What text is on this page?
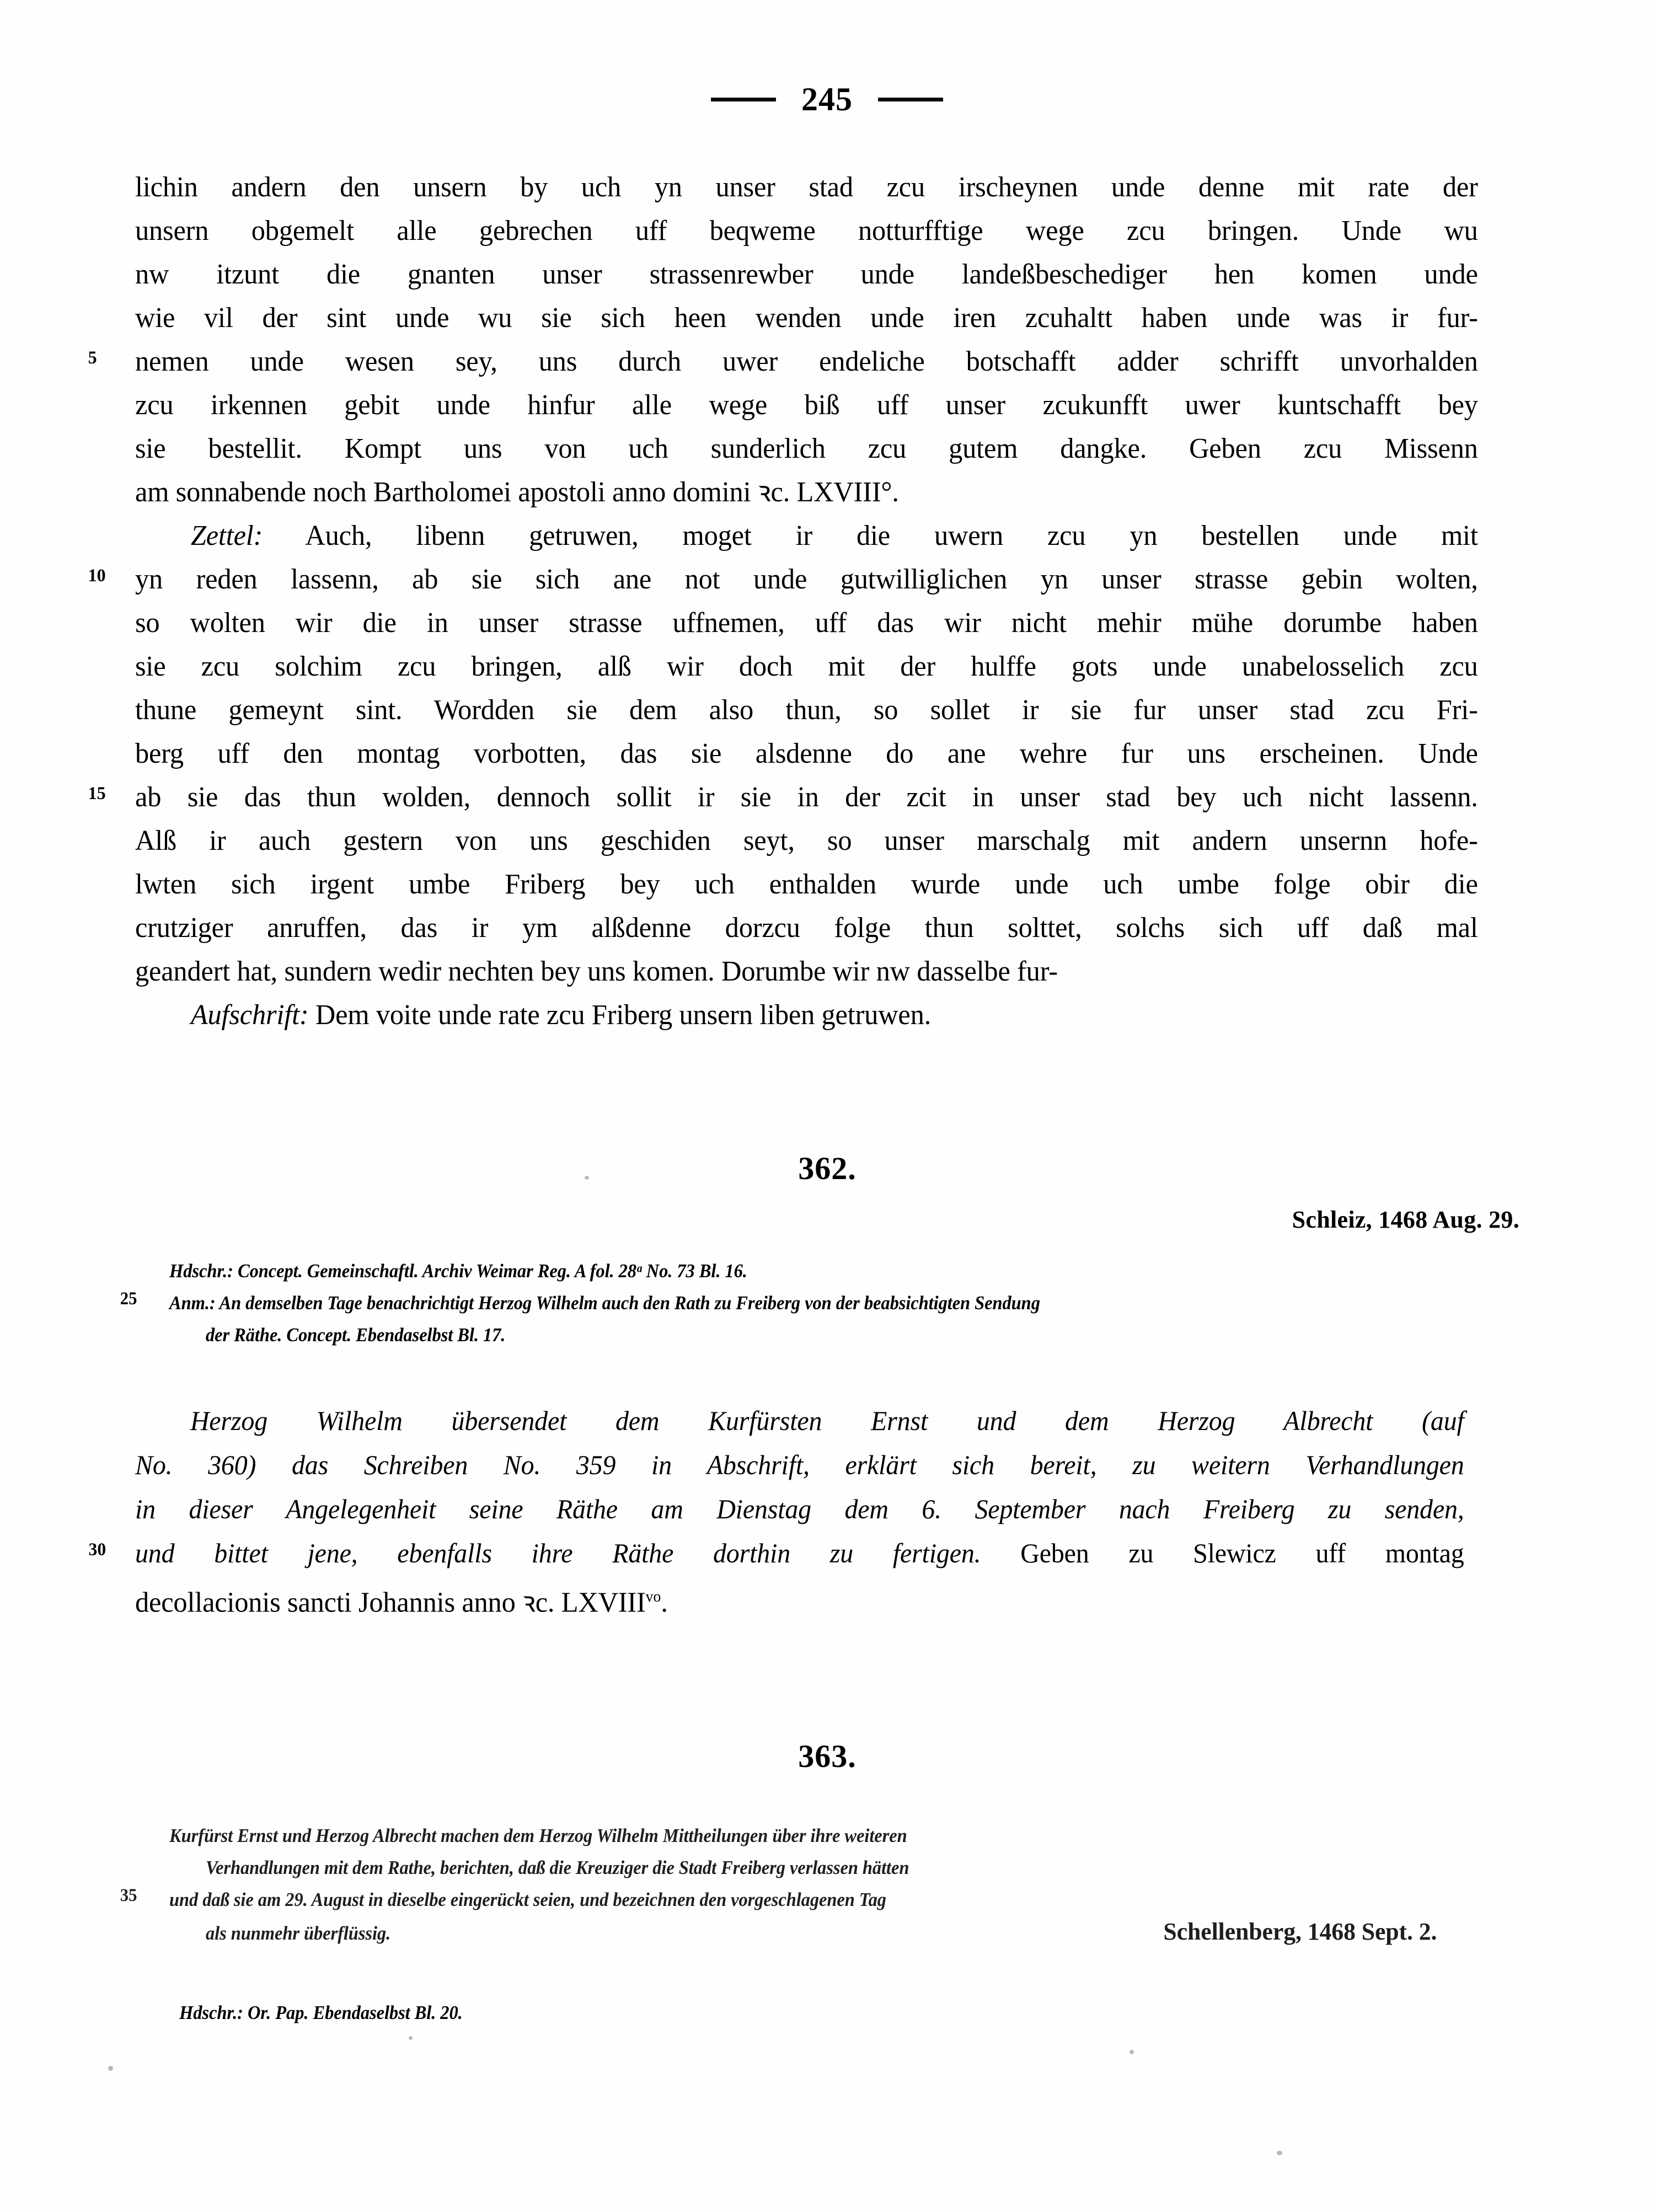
245
lichin andern den unsern by uch yn unser stad zcu irscheynen unde denne mit rate der
unsern obgemelt alle gebrechen uff beqweme notturfftige wege zcu bringen. Unde wu
nw itzunt die gnanten unser strassenrewber unde landeßbeschediger hen komen unde
wie vil der sint unde wu sie sich heen wenden unde iren zcuhaltt haben unde was ir fur-
5 nemen unde wesen sey, uns durch uwer endeliche botschafft adder schrifft unvorhalden
zcu irkennen gebit unde hinfur alle wege biß uff unser zcukunfft uwer kuntschafft bey
sie bestellit. Kompt uns von uch sunderlich zcu gutem dangke. Geben zcu Missenn
am sonnabende noch Bartholomei apostoli anno domini ꝛc. LXVIII°.
Zettel: Auch, libenn getruwen, moget ir die uwern zcu yn bestellen unde mit
10 yn reden lassenn, ab sie sich ane not unde gutwilliglichen yn unser strasse gebin wolten,
so wolten wir die in unser strasse uffnemen, uff das wir nicht mehir mühe dorumbe haben
sie zcu solchim zcu bringen, alß wir doch mit der hulffe gots unde unabelosselich zcu
thune gemeynt sint. Wordden sie dem also thun, so sollet ir sie fur unser stad zcu Fri-
berg uff den montag vorbotten, das sie alsdenne do ane wehre fur uns erscheinen. Unde
15 ab sie das thun wolden, dennoch sollit ir sie in der zcit in unser stad bey uch nicht lassenn.
Alß ir auch gestern von uns geschiden seyt, so unser marschalg mit andern unsernn hofe-
lwten sich irgent umbe Friberg bey uch enthalden wurde unde uch umbe folge obir die
crutziger anruffen, das ir ym alßdenne dorzcu folge thun solttet, solchs sich uff daß mal
geandert hat, sundern wedir nechten bey uns komen. Dorumbe wir nw dasselbe fur-
Aufschrift: Dem voite unde rate zcu Friberg unsern liben getruwen.
362.
Schleiz, 1468 Aug. 29.
Hdschr.: Concept. Gemeinschaftl. Archiv Weimar Reg. A fol. 28ᵃ No. 73 Bl. 16.
25 Anm.: An demselben Tage benachrichtigt Herzog Wilhelm auch den Rath zu Freiberg von der beabsichtigten Sendung
der Räthe. Concept. Ebendaselbst Bl. 17.
Herzog Wilhelm übersendet dem Kurfürsten Ernst und dem Herzog Albrecht (auf
No. 360) das Schreiben No. 359 in Abschrift, erklärt sich bereit, zu weitern Verhandlungen
in dieser Angelegenheit seine Räthe am Dienstag dem 6. September nach Freiberg zu senden,
30 und bittet jene, ebenfalls ihre Räthe dorthin zu fertigen. Geben zu Slewicz uff montag
decollacionis sancti Johannis anno ꝛc. $LXVIII^{vo}$.
363.
Kurfürst Ernst und Herzog Albrecht machen dem Herzog Wilhelm Mittheilungen über ihre weiteren
Verhandlungen mit dem Rathe, berichten, daß die Kreuziger die Stadt Freiberg verlassen hätten
35 und daß sie am 29. August in dieselbe eingerückt seien, und bezeichnen den vorgeschlagenen Tag
als nunmehr überflüssig.	Schellenberg, 1468 Sept. 2.
Hdschr.: Or. Pap. Ebendaselbst Bl. 20.
